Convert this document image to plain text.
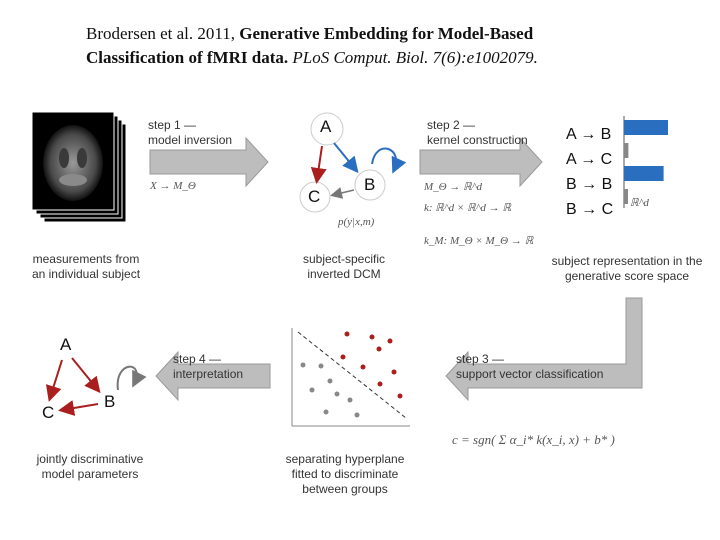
Brodersen et al. 2011, Generative Embedding for Model-Based
Classification of fMRI data. PLoS Comput. Biol. 7(6):e1002079.
A
C
B
A
C
B
step 1 —
model inversion
step 2 —
kernel construction
step 3 —
support vector classification
step 4 —
interpretation
X → M_Θ
p(y|x,m)
M_Θ → ℝ^d
k: ℝ^d × ℝ^d → ℝ
k_M: M_Θ × M_Θ → ℝ
c = sgn( Σ α_i* k(x_i, x) + b* )
ℝ^d
A → B
A → C
B → B
B → C
measurements from an individual subject
subject-specific inverted DCM
subject representation in the generative score space
jointly discriminative model parameters
separating hyperplane fitted to discriminate between groups
